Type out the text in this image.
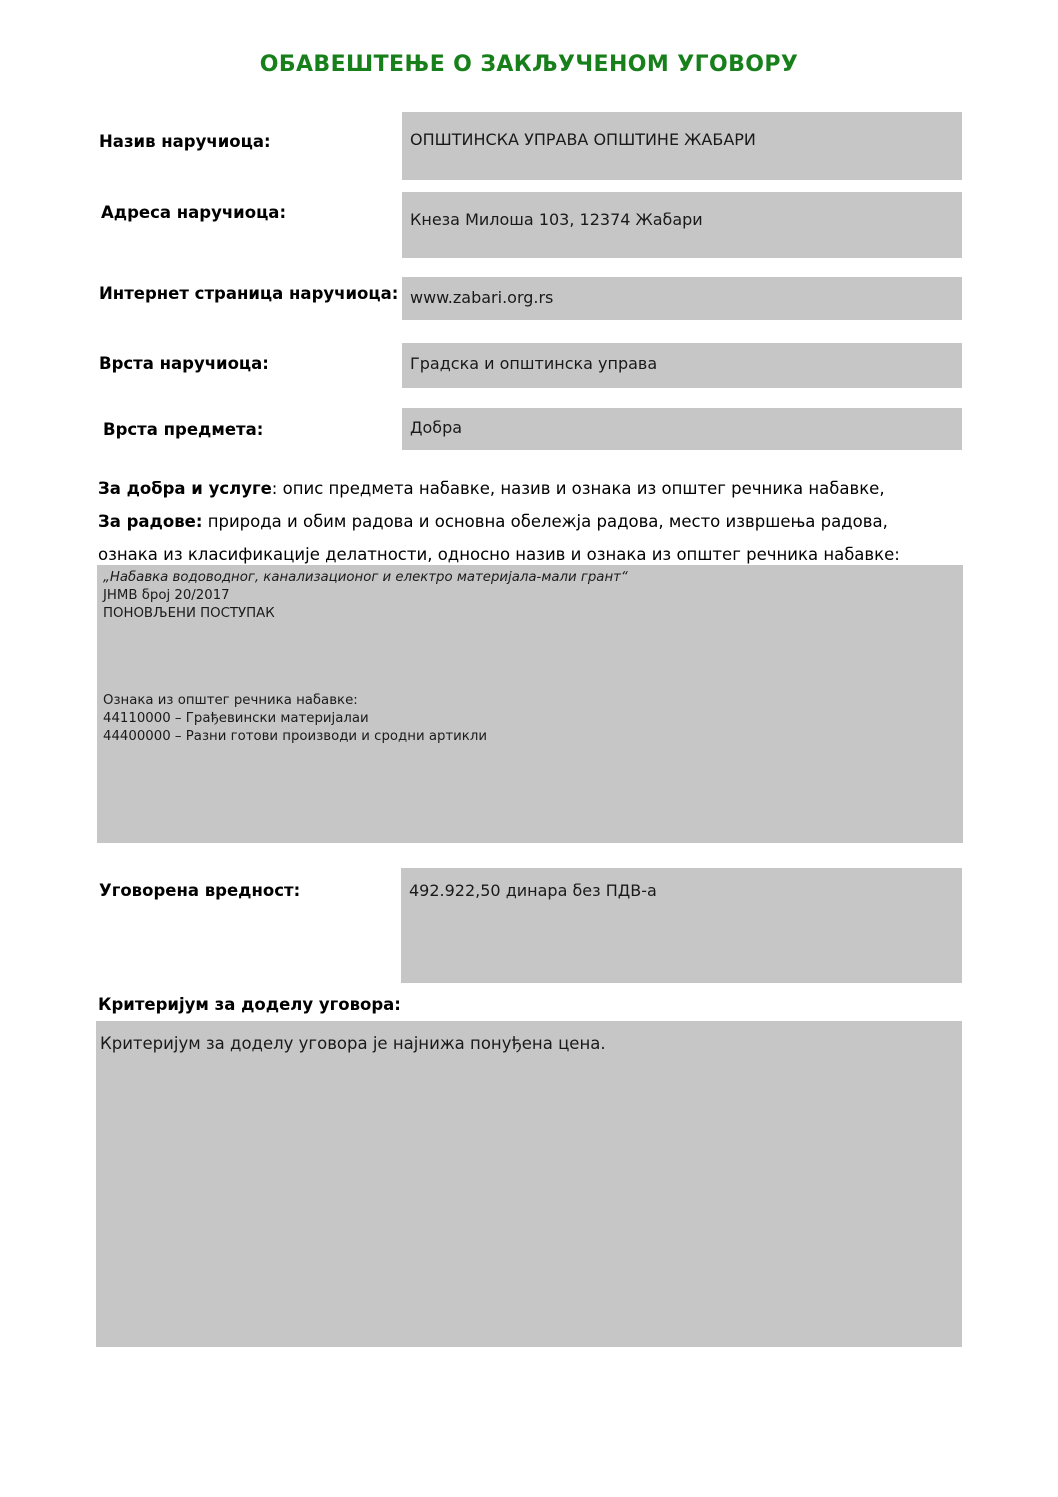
ОБАВЕШТЕЊЕ О ЗАКЉУЧЕНОМ УГОВОРУ
Назив наручиоца:	ОПШТИНСКА УПРАВА ОПШТИНЕ ЖАБАРИ
Адреса наручиоца:	Кнеза Милоша 103, 12374 Жабари
Интернет страница наручиоца: www.zabari.org.rs
Врста наручиоца:	Градска и општинска управа
Врста предмета:	Добра
За добра и услуге: опис предмета набавке, назив и ознака из општег речника набавке,
За радове: природа и обим радова и основна обележја радова, место извршења радова,
ознака из класификације делатности, односно назив и ознака из општег речника набавке:
„Набавка водоводног, канализационог и електро материјала-мали грант“
ЈНМВ број 20/2017
ПОНОВЉЕНИ ПОСТУПАК
Ознака из општег речника набавке:
44110000 – Грађевински материјалаи
44400000 – Разни готови производи и сродни артикли
Уговорена вредност:	492.922,50 динара без ПДВ-а
Критеријум за доделу уговора:
Критеријум за доделу уговора је најнижа понуђена цена.
